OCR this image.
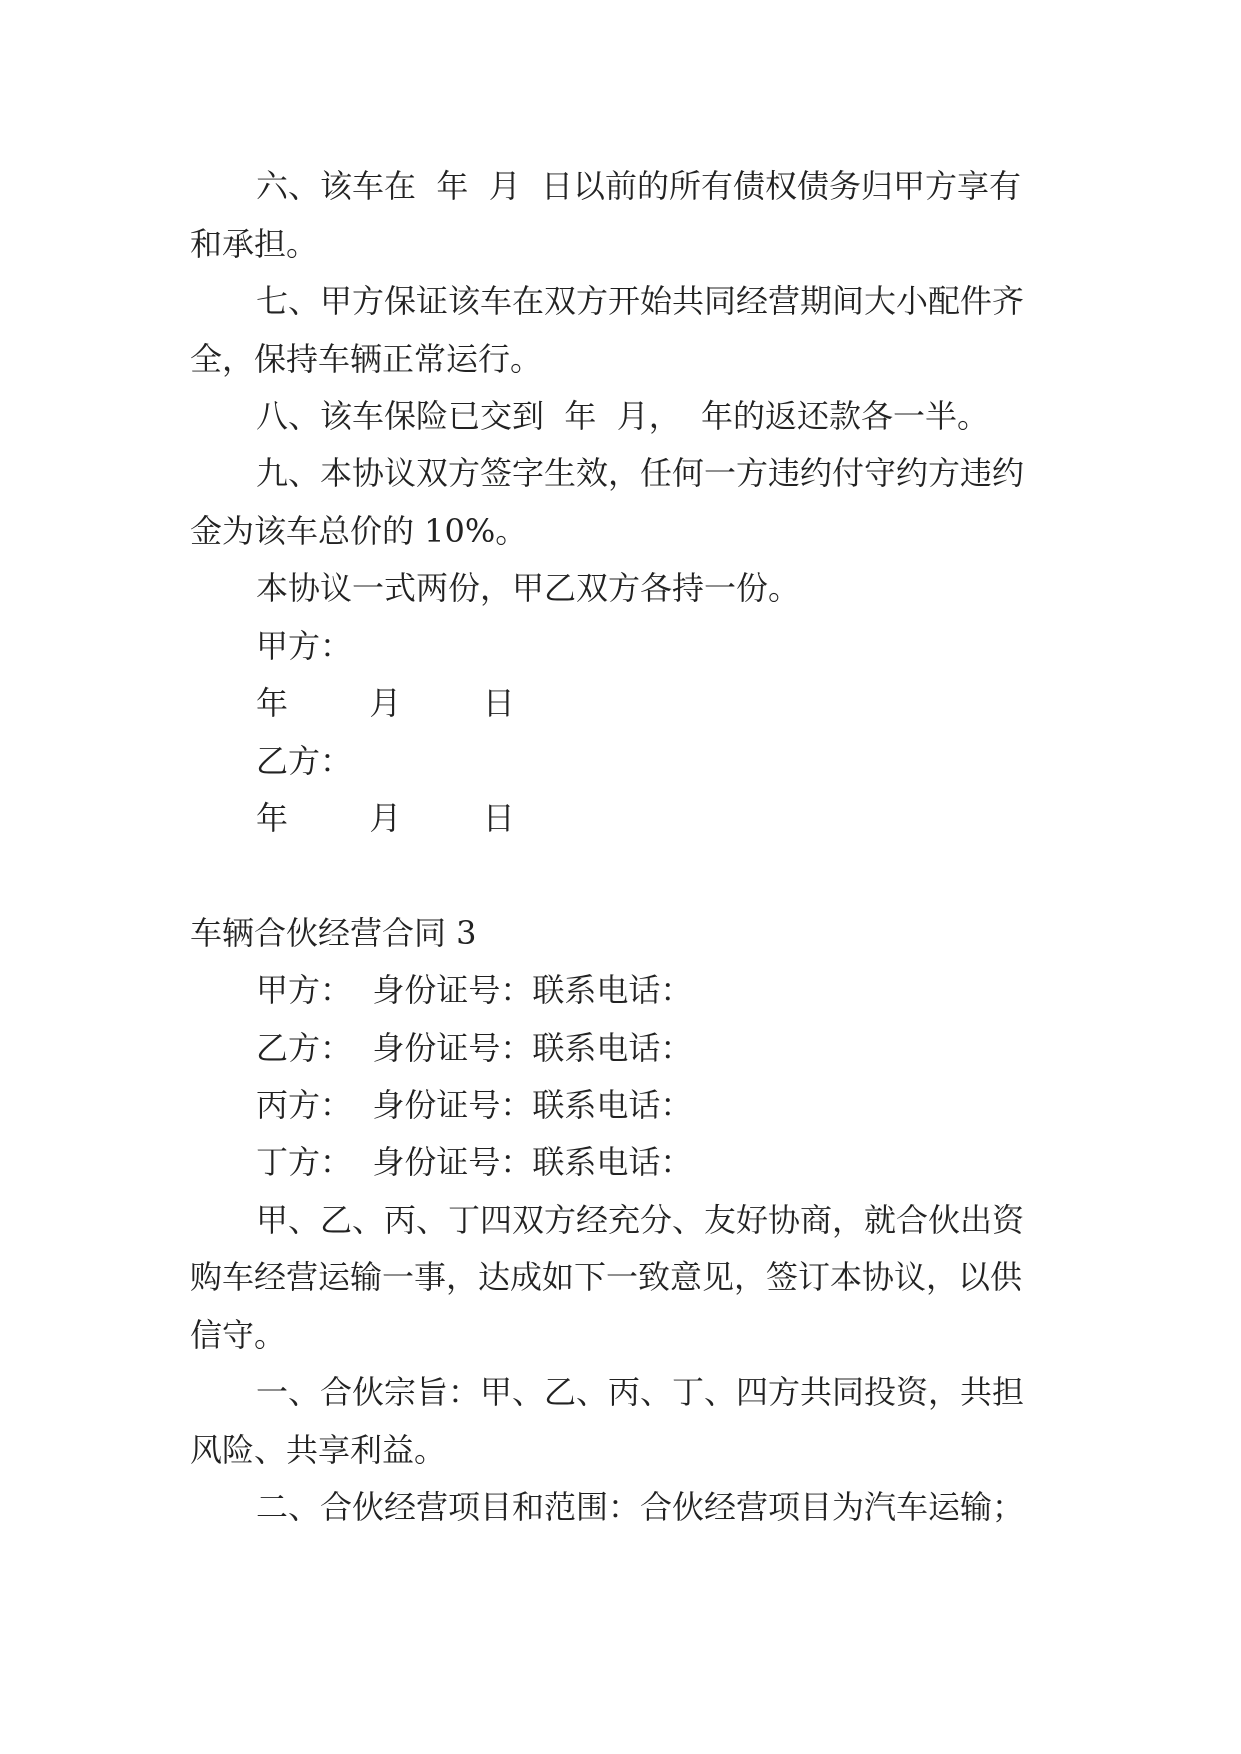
六、该车在  年  月  日以前的所有债权债务归甲方享有
和承担。
七、甲方保证该车在双方开始共同经营期间大小配件齐
全，保持车辆正常运行。
八、该车保险已交到  年  月，  年的返还款各一半。
九、本协议双方签字生效，任何一方违约付守约方违约
金为该车总价的 10%。
本协议一式两份，甲乙双方各持一份。
甲方：
年        月        日
乙方：
年        月        日
车辆合伙经营合同 3
甲方：  身份证号：联系电话：
乙方：  身份证号：联系电话：
丙方：  身份证号：联系电话：
丁方：  身份证号：联系电话：
甲、乙、丙、丁四双方经充分、友好协商，就合伙出资
购车经营运输一事，达成如下一致意见，签订本协议，以供
信守。
一、合伙宗旨：甲、乙、丙、丁、四方共同投资，共担
风险、共享利益。
二、合伙经营项目和范围：合伙经营项目为汽车运输；
